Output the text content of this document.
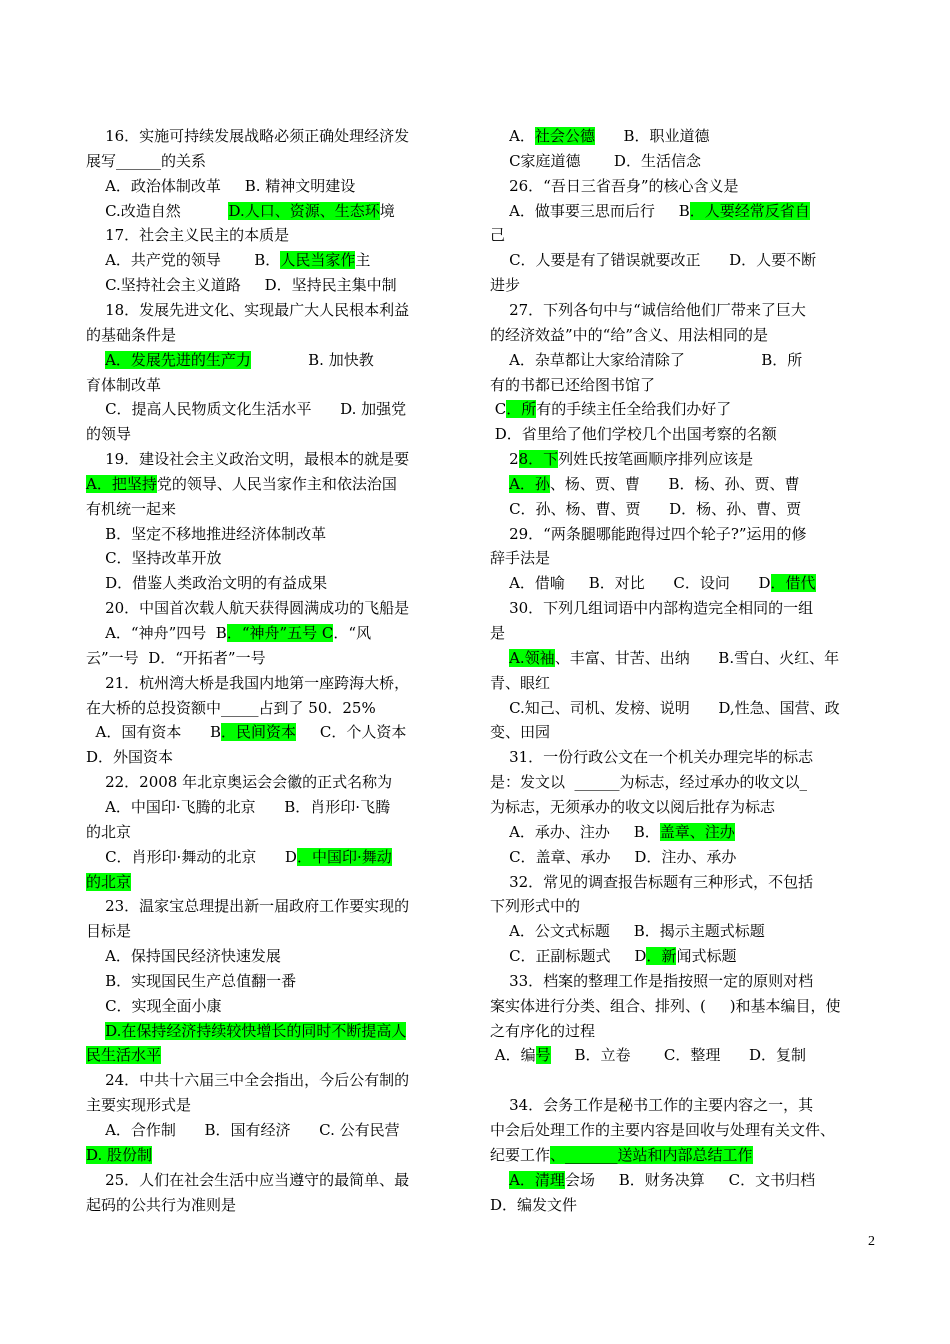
16．实施可持续发展战略必须正确处理经济发
展写______的关系
A．政治体制改革     B. 精神文明建设
C.改造自然          D.人口、资源、生态环境
17．社会主义民主的本质是
A．共产党的领导       B．人民当家作主
C.坚持社会主义道路     D．坚持民主集中制
18．发展先进文化、实现最广大人民根本利益
的基础条件是
A．发展先进的生产力            B. 加快教
育体制改革
C．提高人民物质文化生活水平      D. 加强党
的领导
19．建设社会主义政治文明，最根本的就是要
A．把坚持党的领导、人民当家作主和依法治国
有机统一起来
B．坚定不移地推进经济体制改革
C．坚持改革开放
D．借鉴人类政治文明的有益成果
20．中国首次载人航天获得圆满成功的飞船是
A．“神舟”四号  B．“神舟”五号 C．“风
云”一号  D．“开拓者”一号
21．杭州湾大桥是我国内地第一座跨海大桥，
在大桥的总投资额中_____占到了 50．25%
A．国有资本      B．民间资本     C．个人资本
D．外国资本
22．2008 年北京奥运会会徽的正式名称为
A．中国印·飞腾的北京      B．肖形印·飞腾
的北京
C．肖形印·舞动的北京      D．中国印·舞动
的北京
23．温家宝总理提出新一届政府工作要实现的
目标是
A．保持国民经济快速发展
B．实现国民生产总值翻一番
C．实现全面小康
D.在保持经济持续较快增长的同时不断提高人
民生活水平
24．中共十六届三中全会指出，今后公有制的
主要实现形式是
A．合作制      B．国有经济      C. 公有民营
D. 股份制
25．人们在社会生活中应当遵守的最简单、最
起码的公共行为准则是
A．社会公德      B．职业道德
C家庭道德       D．生活信念
26．“吾日三省吾身”的核心含义是
A．做事要三思而后行     B．人要经常反省自
己
C．人要是有了错误就要改正      D．人要不断
进步
27．下列各句中与“诚信给他们厂带来了巨大
的经济效益”中的“给”含义、用法相同的是
A．杂草都让大家给清除了                B．所
有的书都已还给图书馆了
C．所有的手续主任全给我们办好了
D．省里给了他们学校几个出国考察的名额
28．下列姓氏按笔画顺序排列应该是
A．孙、杨、贾、曹      B．杨、孙、贾、曹
C．孙、杨、曹、贾      D．杨、孙、曹、贾
29．“两条腿哪能跑得过四个轮子?”运用的修
辞手法是
A．借喻     B．对比      C．设问      D．借代
30．下列几组词语中内部构造完全相同的一组
是
A.领袖、丰富、甘苦、出纳      B.雪白、火红、年
青、眼红
C.知己、司机、发榜、说明      D,性急、国营、政
变、田园
31．一份行政公文在一个机关办理完毕的标志
是：发文以  ______为标志，经过承办的收文以_
为标志，无须承办的收文以阅后批存为标志
A．承办、注办     B．盖章、注办
C．盖章、承办     D．注办、承办
32．常见的调查报告标题有三种形式，不包括
下列形式中的
A．公文式标题     B．揭示主题式标题
C．正副标题式     D．新闻式标题
33．档案的整理工作是指按照一定的原则对档
案实体进行分类、组合、排列、(     )和基本编目，使
之有序化的过程
A．编号     B．立卷       C．整理      D．复制
34．会务工作是秘书工作的主要内容之一，其
中会后处理工作的主要内容是回收与处理有关文件、
纪要工作、_______送站和内部总结工作
A．清理会场     B．财务决算     C．文书归档
D．编发文件
2
